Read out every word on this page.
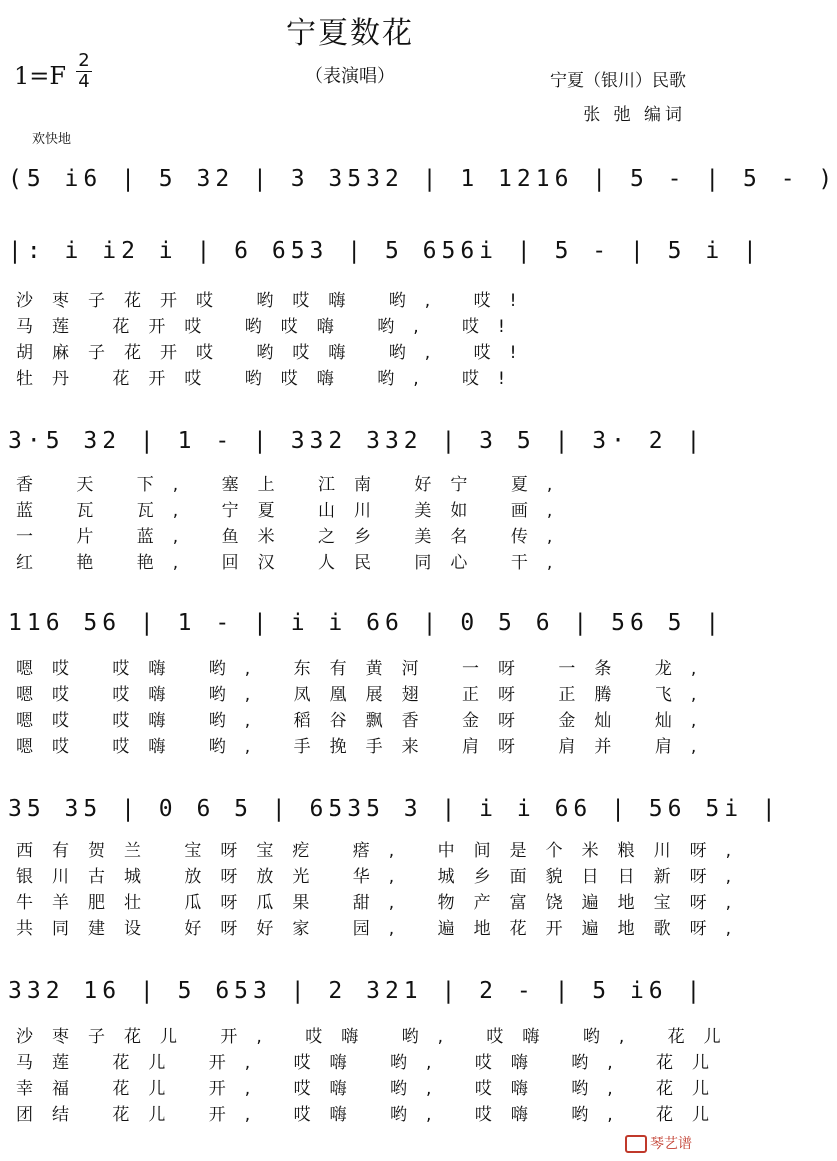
宁夏数花
1=F
2
4	（表演唱）	宁夏（银川）民歌
张 弛 编词
欢快地
(5 i6 | 5 32 | 3 3532 | 1 1216 | 5 - | 5 - )
|: i i2 i | 6 653 | 5 656i | 5 - | 5 i |
沙枣子花开哎 哟哎嗨 哟, 哎!
马莲 花开哎 哟哎嗨 哟, 哎!
胡麻子花开哎 哟哎嗨 哟, 哎!
牡丹 花开哎 哟哎嗨 哟, 哎!
3·5 32 | 1 - | 332 332 | 3 5 | 3· 2 |
香 天 下, 塞上 江南 好宁 夏,
蓝 瓦 瓦, 宁夏 山川 美如 画,
一 片 蓝, 鱼米 之乡 美名 传,
红 艳 艳, 回汉 人民 同心 干,
116 56 | 1 - | i i 66 | 0 5 6 | 56 5 |
嗯哎 哎嗨 哟, 东有黄河 一呀 一条 龙,
嗯哎 哎嗨 哟, 凤凰展翅 正呀 正腾 飞,
嗯哎 哎嗨 哟, 稻谷飘香 金呀 金灿 灿,
嗯哎 哎嗨 哟, 手挽手来 肩呀 肩并 肩,
35 35 | 0 6 5 | 6535 3 | i i 66 | 56 5i |
西有贺兰 宝呀宝疙 瘩, 中间是个米粮川呀,
银川古城 放呀放光 华, 城乡面貌日日新呀,
牛羊肥壮 瓜呀瓜果 甜, 物产富饶遍地宝呀,
共同建设 好呀好家 园, 遍地花开遍地歌呀,
332 16 | 5 653 | 2 321 | 2 - | 5 i6 |
沙枣子花儿 开, 哎嗨 哟, 哎嗨 哟, 花儿
马莲 花儿 开, 哎嗨 哟, 哎嗨 哟, 花儿
幸福 花儿 开, 哎嗨 哟, 哎嗨 哟, 花儿
团结 花儿 开, 哎嗨 哟, 哎嗨 哟, 花儿
琴艺谱
